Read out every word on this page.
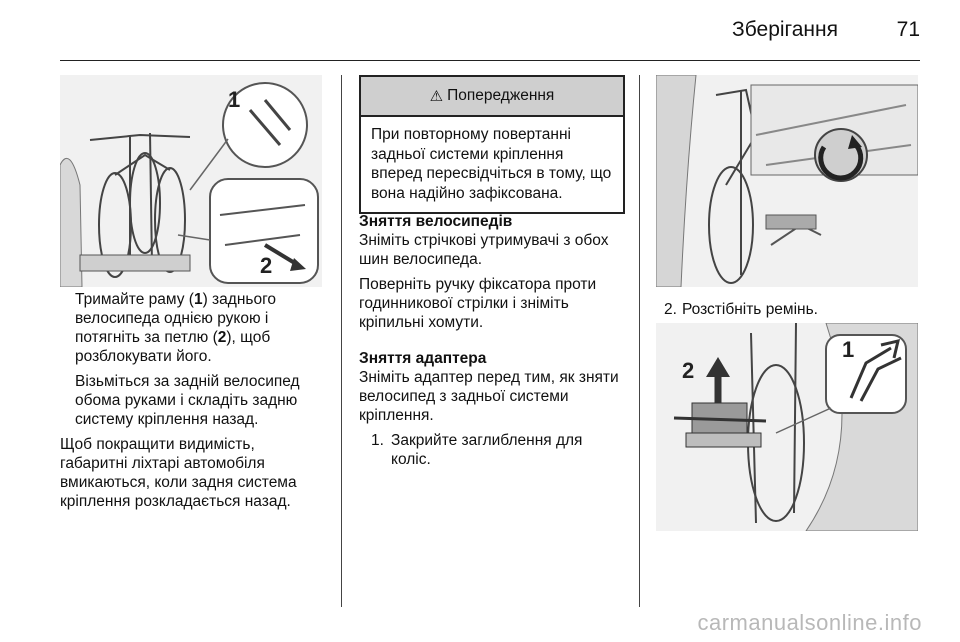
Зберігання	71
1
2

Тримайте раму (1) заднього велосипеда однією рукою і потягніть за петлю (2), щоб розблокувати його.

Візьміться за задній велосипед обома руками і складіть задню систему кріплення назад.

Щоб покращити видимість, габаритні ліхтарі автомобіля вмикаються, коли задня система кріплення розкладається назад.

⚠ Попередження
При повторному повертанні задньої системи кріплення вперед пересвідчіться в тому, що вона надійно зафіксована.

Зняття велосипедів

Зніміть стрічкові утримувачі з обох шин велосипеда.

Поверніть ручку фіксатора проти годинникової стрілки і зніміть кріпильні хомути.

Зняття адаптера

Зніміть адаптер перед тим, як зняти велосипед з задньої системи кріплення.

1. Закрийте заглиблення для коліс.
2. Розстібніть ремінь.
2
1
carmanualsonline.info
